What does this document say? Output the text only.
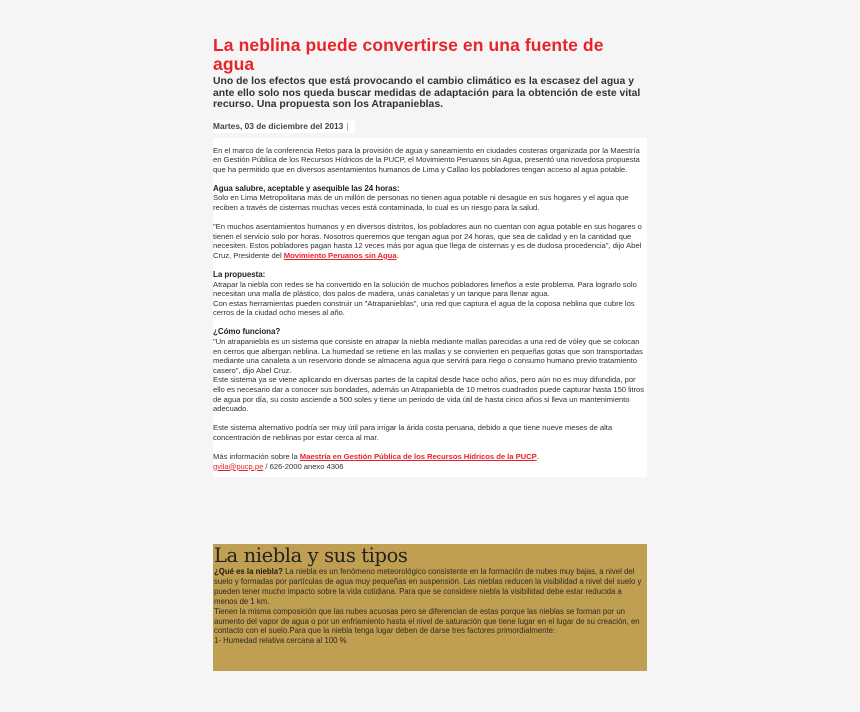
La neblina puede convertirse en una fuente de agua

Uno de los efectos que está provocando el cambio climático es la escasez del agua y ante ello solo nos queda buscar medidas de adaptación para la obtención de este vital recurso. Una propuesta son los Atrapanieblas.

Martes, 03 de diciembre del 2013 |

En el marco de la conferencia Retos para la provisión de agua y saneamiento en ciudades costeras organizada por la Maestría en Gestión Pública de los Recursos Hídricos de la PUCP, el Movimiento Peruanos sin Agua, presentó una novedosa propuesta que ha permitido que en diversos asentamientos humanos de Lima y Callao los pobladores tengan acceso al agua potable.

Agua salubre, aceptable y asequible las 24 horas:
Solo en Lima Metropolitana más de un millón de personas no tienen agua potable ni desagüe en sus hogares y el agua que reciben a través de cisternas muchas veces está contaminada, lo cual es un riesgo para la salud.

"En muchos asentamientos humanos y en diversos distritos, los pobladores aun no cuentan con agua potable en sus hogares o tienen el servicio solo por horas. Nosotros queremos que tengan agua por 24 horas, que sea de calidad y en la cantidad que necesiten. Estos pobladores pagan hasta 12 veces más por agua que llega de cisternas y es de dudosa procedencia", dijo Abel Cruz, Presidente del Movimiento Peruanos sin Agua.

La propuesta:
Atrapar la niebla con redes se ha convertido en la solución de muchos pobladores limeños a este problema. Para lograrlo solo necesitan una malla de plástico, dos palos de madera, unas canaletas y un tanque para llenar agua.
Con estas herramientas pueden construir un "Atrapanieblas", una red que captura el agua de la coposa neblina que cubre los cerros de la ciudad ocho meses al año.

¿Cómo funciona?
"Un atrapaniebla es un sistema que consiste en atrapar la niebla mediante mallas parecidas a una red de vóley que se colocan en cerros que albergan neblina. La humedad se retiene en las mallas y se convierten en pequeñas gotas que son transportadas mediante una canaleta a un reservorio donde se almacena agua que servirá para riego o consumo humano previo tratamiento casero", dijo Abel Cruz.
Este sistema ya se viene aplicando en diversas partes de la capital desde hace ocho años, pero aún no es muy difundida, por ello es necesario dar a conocer sus bondades, además un Atrapaniebla de 10 metros cuadrados puede capturar hasta 150 litros de agua por día, su costo asciende a 500 soles y tiene un periodo de vida útil de hasta cinco años si lleva un mantenimiento adecuado.

Este sistema alternativo podría ser muy útil para irrigar la árida costa peruana, debido a que tiene nueve meses de alta concentración de neblinas por estar cerca al mar.

Más información sobre la Maestría en Gestión Pública de los Recursos Hídricos de la PUCP.
gvila@pucp.pe / 626-2000 anexo 4306

La niebla y sus tipos

¿Qué es la niebla? La niebla es un fenómeno meteorológico consistente en la formación de nubes muy bajas, a nivel del suelo y formadas por partículas de agua muy pequeñas en suspensión. Las nieblas reducen la visibilidad a nivel del suelo y pueden tener mucho impacto sobre la vida cotidiana. Para que se considere niebla la visibilidad debe estar reducida a menos de 1 km.
Tienen la misma composición que las nubes acuosas pero se diferencian de estas porque las nieblas se forman por un aumento del vapor de agua o por un enfriamiento hasta el nivel de saturación que tiene lugar en el lugar de su creación, en contacto con el suelo.Para que la niebla tenga lugar deben de darse tres factores primordialmente:
1- Humedad relativa cercana al 100 %
